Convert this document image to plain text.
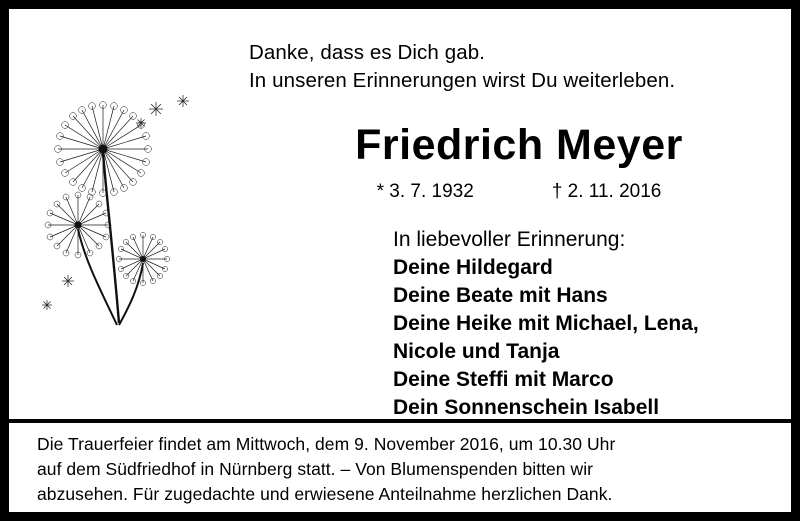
Danke, dass es Dich gab.
In unseren Erinnerungen wirst Du weiterleben.
Friedrich Meyer
* 3. 7. 1932	† 2. 11. 2016
In liebevoller Erinnerung:
Deine Hildegard
Deine Beate mit Hans
Deine Heike mit Michael, Lena,
Nicole und Tanja
Deine Steffi mit Marco
Dein Sonnenschein Isabell
Die Trauerfeier findet am Mittwoch, dem 9. November 2016, um 10.30 Uhr
auf dem Südfriedhof in Nürnberg statt. – Von Blumenspenden bitten wir
abzusehen. Für zugedachte und erwiesene Anteilnahme herzlichen Dank.
